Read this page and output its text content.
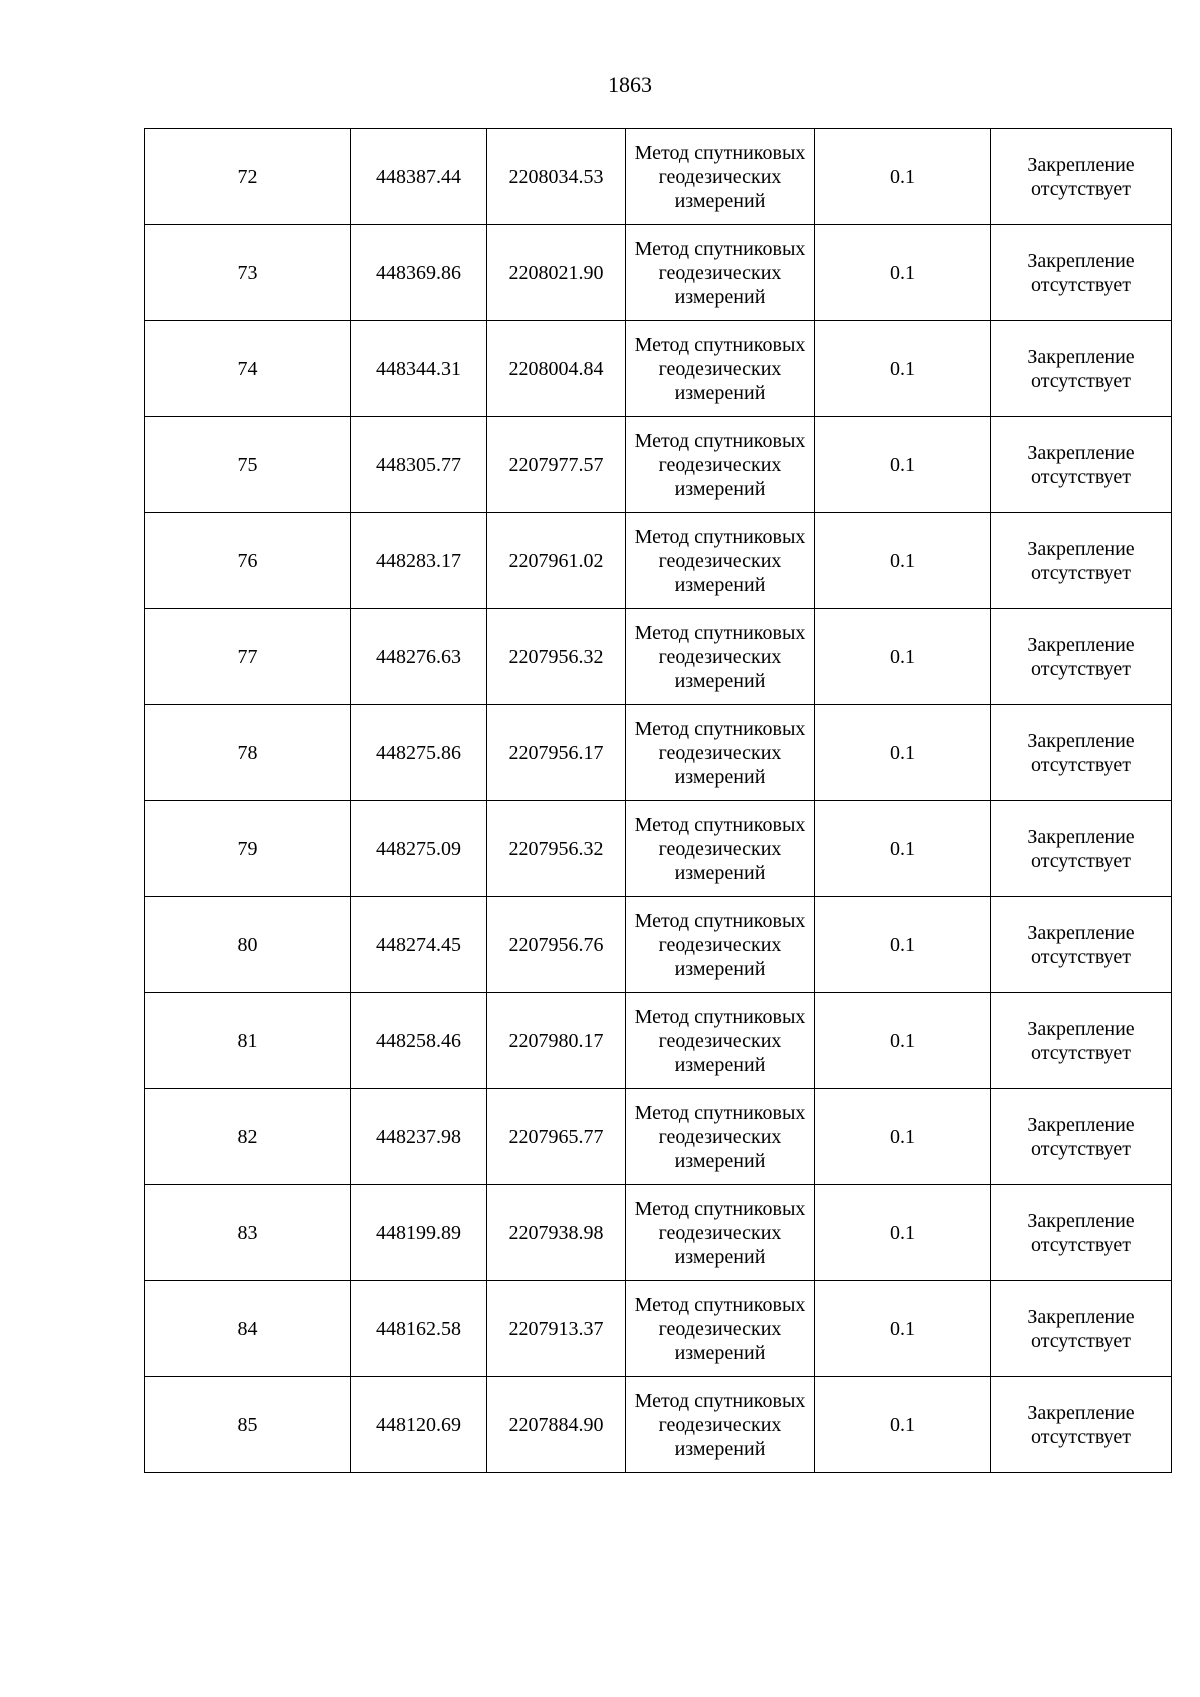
1863
72	448387.44	2208034.53	Метод спутниковых геодезических измерений	0.1	Закрепление отсутствует
73	448369.86	2208021.90	Метод спутниковых геодезических измерений	0.1	Закрепление отсутствует
74	448344.31	2208004.84	Метод спутниковых геодезических измерений	0.1	Закрепление отсутствует
75	448305.77	2207977.57	Метод спутниковых геодезических измерений	0.1	Закрепление отсутствует
76	448283.17	2207961.02	Метод спутниковых геодезических измерений	0.1	Закрепление отсутствует
77	448276.63	2207956.32	Метод спутниковых геодезических измерений	0.1	Закрепление отсутствует
78	448275.86	2207956.17	Метод спутниковых геодезических измерений	0.1	Закрепление отсутствует
79	448275.09	2207956.32	Метод спутниковых геодезических измерений	0.1	Закрепление отсутствует
80	448274.45	2207956.76	Метод спутниковых геодезических измерений	0.1	Закрепление отсутствует
81	448258.46	2207980.17	Метод спутниковых геодезических измерений	0.1	Закрепление отсутствует
82	448237.98	2207965.77	Метод спутниковых геодезических измерений	0.1	Закрепление отсутствует
83	448199.89	2207938.98	Метод спутниковых геодезических измерений	0.1	Закрепление отсутствует
84	448162.58	2207913.37	Метод спутниковых геодезических измерений	0.1	Закрепление отсутствует
85	448120.69	2207884.90	Метод спутниковых геодезических измерений	0.1	Закрепление отсутствует
